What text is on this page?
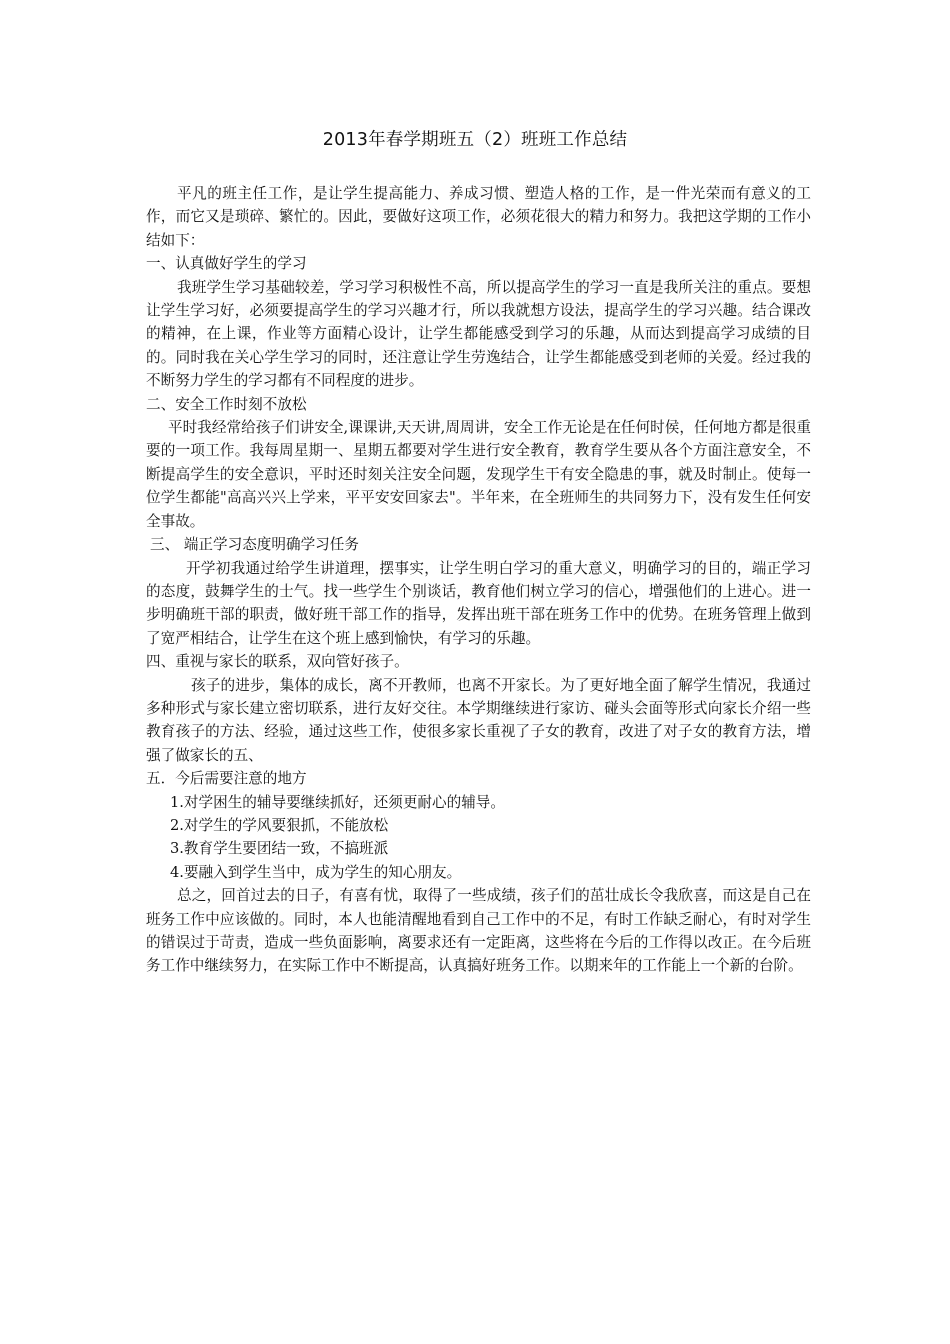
2013年春学期班五（2）班班工作总结

平凡的班主任工作，是让学生提高能力、养成习惯、塑造人格的工作，是一件光荣而有意义的工作，而它又是琐碎、繁忙的。因此，要做好这项工作，必须花很大的精力和努力。我把这学期的工作小结如下：

一、认真做好学生的学习

我班学生学习基础较差，学习学习积极性不高，所以提高学生的学习一直是我所关注的重点。要想让学生学习好，必须要提高学生的学习兴趣才行，所以我就想方设法，提高学生的学习兴趣。结合课改的精神，在上课，作业等方面精心设计，让学生都能感受到学习的乐趣，从而达到提高学习成绩的目的。同时我在关心学生学习的同时，还注意让学生劳逸结合，让学生都能感受到老师的关爱。经过我的不断努力学生的学习都有不同程度的进步。

二、安全工作时刻不放松

平时我经常给孩子们讲安全,课课讲,天天讲,周周讲，安全工作无论是在任何时侯，任何地方都是很重要的一项工作。我每周星期一、星期五都要对学生进行安全教育，教育学生要从各个方面注意安全，不断提高学生的安全意识，平时还时刻关注安全问题，发现学生干有安全隐患的事，就及时制止。使每一位学生都能"高高兴兴上学来，平平安安回家去"。半年来，在全班师生的共同努力下，没有发生任何安全事故。

三、 端正学习态度明确学习任务

开学初我通过给学生讲道理，摆事实，让学生明白学习的重大意义，明确学习的目的，端正学习的态度，鼓舞学生的士气。找一些学生个别谈话，教育他们树立学习的信心，增强他们的上进心。进一步明确班干部的职责，做好班干部工作的指导，发挥出班干部在班务工作中的优势。在班务管理上做到了宽严相结合，让学生在这个班上感到愉快，有学习的乐趣。

四、重视与家长的联系，双向管好孩子。

孩子的进步，集体的成长，离不开教师，也离不开家长。为了更好地全面了解学生情况，我通过多种形式与家长建立密切联系，进行友好交往。本学期继续进行家访、碰头会面等形式向家长介绍一些教育孩子的方法、经验，通过这些工作，使很多家长重视了子女的教育，改进了对子女的教育方法，增强了做家长的五、

五．今后需要注意的地方

1.对学困生的辅导要继续抓好，还须更耐心的辅导。

2.对学生的学风要狠抓，不能放松

3.教育学生要团结一致，不搞班派

4.要融入到学生当中，成为学生的知心朋友。

总之，回首过去的日子，有喜有忧，取得了一些成绩，孩子们的茁壮成长令我欣喜，而这是自己在班务工作中应该做的。同时，本人也能清醒地看到自己工作中的不足，有时工作缺乏耐心，有时对学生的错误过于苛责，造成一些负面影响，离要求还有一定距离，这些将在今后的工作得以改正。在今后班务工作中继续努力，在实际工作中不断提高，认真搞好班务工作。以期来年的工作能上一个新的台阶。
